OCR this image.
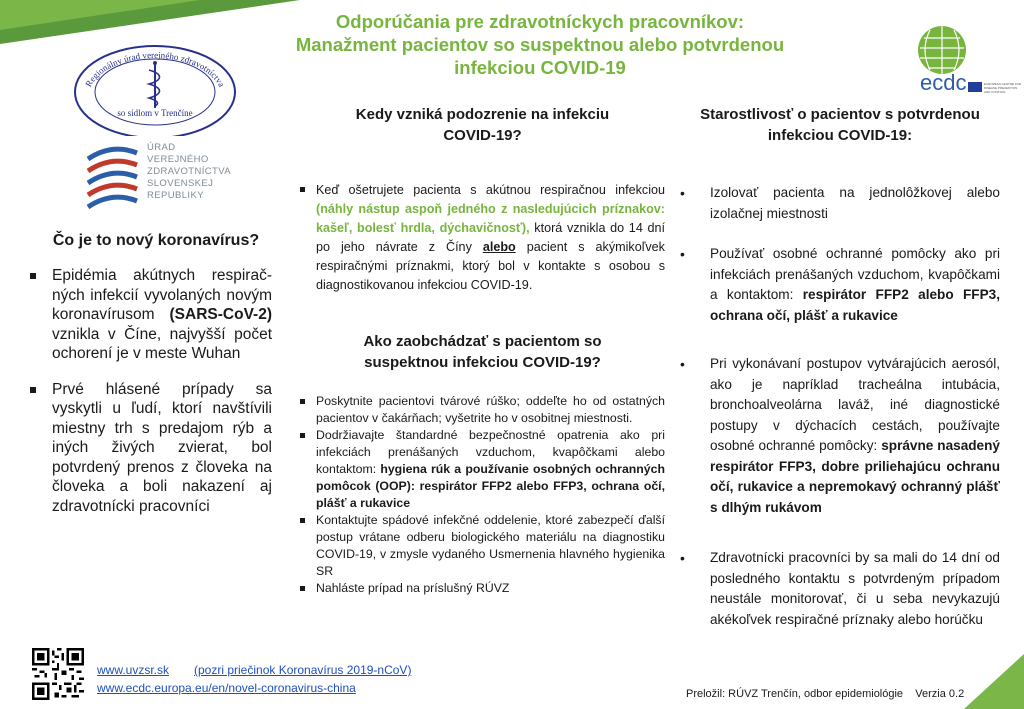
Odporúčania pre zdravotníckych pracovníkov:
Manažment pacientov so suspektnou alebo potvrdenou
infekciou COVID-19
Regionálny úrad verejného zdravotníctva
so sídlom v Trenčíne
ÚRAD
VEREJNÉHO
ZDRAVOTNÍCTVA
SLOVENSKEJ
REPUBLIKY
ecdc	EUROPEAN CENTRE FOR
DISEASE PREVENTION
AND CONTROL
Čo je to nový koronavírus?
Epidémia akútnych respirač-ných infekcií vyvolaných novým koronavírusom (SARS-CoV-2) vznikla v Číne, najvyšší počet ochorení je v meste Wuhan
Prvé hlásené prípady sa vyskytli u ľudí, ktorí navštívili miestny trh s predajom rýb a iných živých zvierat, bol potvrdený prenos z človeka na človeka a boli nakazení aj zdravotnícki pracovníci
Kedy vzniká podozrenie na infekciu COVID-19?
Keď ošetrujete pacienta s akútnou respiračnou infekciou (náhly nástup aspoň jedného z nasledujúcich príznakov: kašeľ, bolesť hrdla, dýchavičnosť), ktorá vznikla do 14 dní po jeho návrate z Číny alebo pacient s akýmikoľvek respiračnými príznakmi, ktorý bol v kontakte s osobou s diagnostikovanou infekciou COVID-19.
Ako zaobchádzať s pacientom so suspektnou infekciou COVID-19?
Poskytnite pacientovi tvárové rúško; oddeľte ho od ostatných pacientov v čakárňach; vyšetrite ho v osobitnej miestnosti.
Dodržiavajte štandardné bezpečnostné opatrenia ako pri infekciách prenášaných vzduchom, kvapôčkami alebo kontaktom: hygiena rúk a používanie osobných ochranných pomôcok (OOP): respirátor FFP2 alebo FFP3, ochrana očí, plášť a rukavice
Kontaktujte spádové infekčné oddelenie, ktoré zabezpečí ďalší postup vrátane odberu biologického materiálu na diagnostiku COVID-19, v zmysle vydaného Usmernenia hlavného hygienika SR
Nahláste prípad na príslušný RÚVZ
Starostlivosť o pacientov s potvrdenou infekciou COVID-19:
• Izolovať pacienta na jednolôžkovej alebo izolačnej miestnosti
• Používať osobné ochranné pomôcky ako pri infekciách prenášaných vzduchom, kvapôčkami a kontaktom: respirátor FFP2 alebo FFP3, ochrana očí, plášť a rukavice
• Pri vykonávaní postupov vytvárajúcich aerosól, ako je napríklad tracheálna intubácia, bronchoalveolárna laváž, iné diagnostické postupy v dýchacích cestách, používajte osobné ochranné pomôcky: správne nasadený respirátor FFP3, dobre priliehajúcu ochranu očí, rukavice a nepremokavý ochranný plášť s dlhým rukávom
• Zdravotnícki pracovníci by sa mali do 14 dní od posledného kontaktu s potvrdeným prípadom neustále monitorovať, či u seba nevykazujú akékoľvek respiračné príznaky alebo horúčku
www.uvzsr.sk (pozri priečinok Koronavírus 2019-nCoV)
www.ecdc.europa.eu/en/novel-coronavirus-china	Preložil: RÚVZ Trenčín, odbor epidemiológie    Verzia 0.2
